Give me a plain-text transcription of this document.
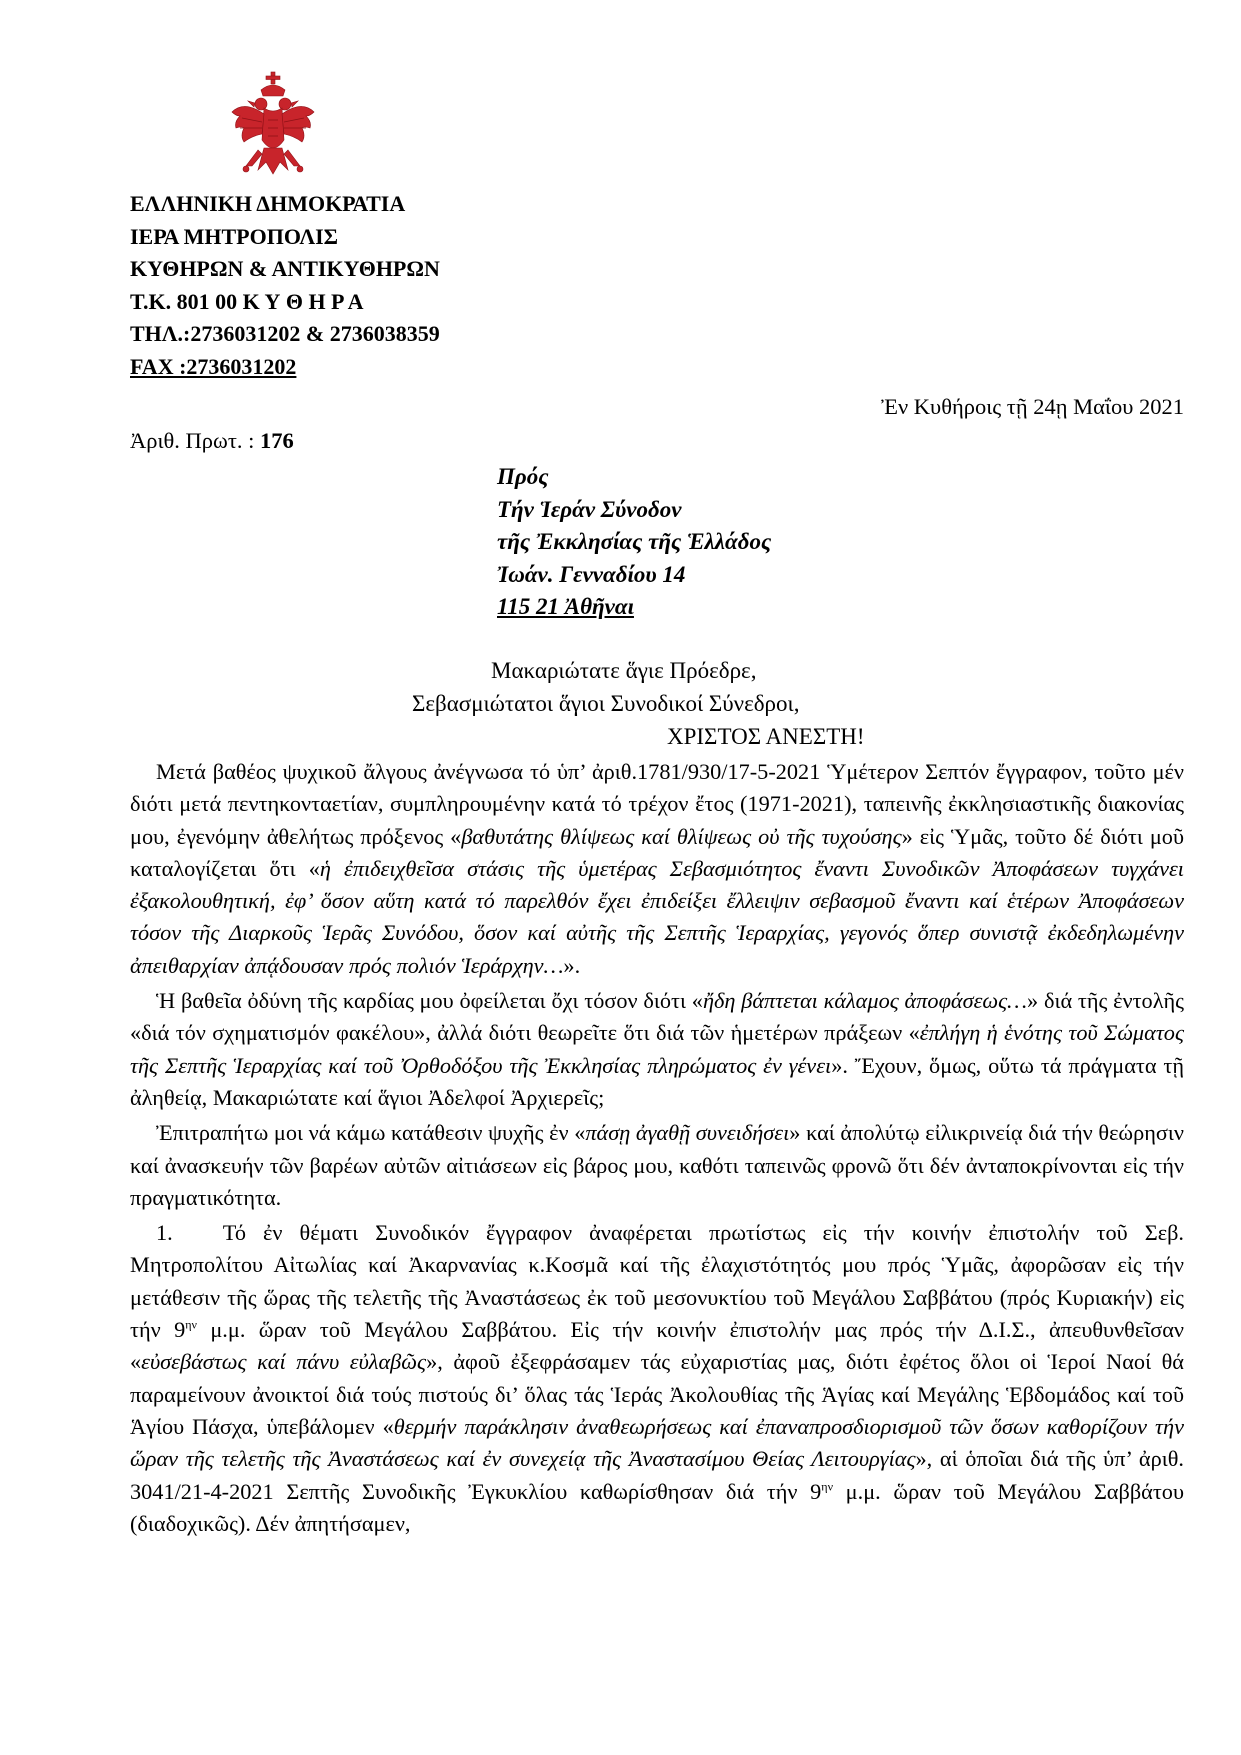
ΕΛΛΗΝΙΚΗ ΔΗΜΟΚΡΑΤΙΑ
ΙΕΡΑ ΜΗΤΡΟΠΟΛΙΣ
ΚΥΘΗΡΩΝ & ΑΝΤΙΚΥΘΗΡΩΝ
Τ.Κ. 801 00 Κ Υ Θ Η Ρ Α
ΤΗΛ.:2736031202 & 2736038359
FAX :2736031202
Ἐν Κυθήροις τῇ 24ῃ Μαΐου 2021
Ἀριθ. Πρωτ. : 176
Πρός
Τήν Ἱεράν Σύνοδον
τῆς Ἐκκλησίας τῆς Ἑλλάδος
Ἰωάν. Γενναδίου 14
115 21 Ἀθῆναι
Μακαριώτατε ἅγιε Πρόεδρε,
Σεβασμιώτατοι ἅγιοι Συνοδικοί Σύνεδροι,
ΧΡΙΣΤΟΣ ΑΝΕΣΤΗ!

Μετά βαθέος ψυχικοῦ ἄλγους ἀνέγνωσα τό ὑπ’ ἀριθ.1781/930/17-5-2021 Ὑμέτερον Σεπτόν ἔγγραφον, τοῦτο μέν διότι μετά πεντηκονταετίαν, συμπληρουμένην κατά τό τρέχον ἔτος (1971-2021), ταπεινῆς ἐκκλησιαστικῆς διακονίας μου, ἐγενόμην ἀθελήτως πρόξενος «βαθυτάτης θλίψεως καί θλίψεως οὐ τῆς τυχούσης» εἰς Ὑμᾶς, τοῦτο δέ διότι μοῦ καταλογίζεται ὅτι «ἡ ἐπιδειχθεῖσα στάσις τῆς ὑμετέρας Σεβασμιότητος ἔναντι Συνοδικῶν Ἀποφάσεων τυγχάνει ἐξακολουθητική, ἐφ’ ὅσον αὕτη κατά τό παρελθόν ἔχει ἐπιδείξει ἔλλειψιν σεβασμοῦ ἔναντι καί ἑτέρων Ἀποφάσεων τόσον τῆς Διαρκοῦς Ἱερᾶς Συνόδου, ὅσον καί αὐτῆς τῆς Σεπτῆς Ἱεραρχίας, γεγονός ὅπερ συνιστᾷ ἐκδεδηλωμένην ἀπειθαρχίαν ἀπᾴδουσαν πρός πολιόν Ἱεράρχην…».

Ἡ βαθεῖα ὀδύνη τῆς καρδίας μου ὀφείλεται ὄχι τόσον διότι «ἤδη βάπτεται κάλαμος ἀποφάσεως…» διά τῆς ἐντολῆς «διά τόν σχηματισμόν φακέλου», ἀλλά διότι θεωρεῖτε ὅτι διά τῶν ἡμετέρων πράξεων «ἐπλήγη ἡ ἑνότης τοῦ Σώματος τῆς Σεπτῆς Ἱεραρχίας καί τοῦ Ὀρθοδόξου τῆς Ἐκκλησίας πληρώματος ἐν γένει». Ἔχουν, ὅμως, οὕτω τά πράγματα τῇ ἀληθείᾳ, Μακαριώτατε καί ἅγιοι Ἀδελφοί Ἀρχιερεῖς;

Ἐπιτραπήτω μοι νά κάμω κατάθεσιν ψυχῆς ἐν «πάσῃ ἀγαθῇ συνειδήσει» καί ἀπολύτῳ εἰλικρινείᾳ διά τήν θεώρησιν καί ἀνασκευήν τῶν βαρέων αὐτῶν αἰτιάσεων εἰς βάρος μου, καθότι ταπεινῶς φρονῶ ὅτι δέν ἀνταποκρίνονται εἰς τήν πραγματικότητα.

1. Τό ἐν θέματι Συνοδικόν ἔγγραφον ἀναφέρεται πρωτίστως εἰς τήν κοινήν ἐπιστολήν τοῦ Σεβ. Μητροπολίτου Αἰτωλίας καί Ἀκαρνανίας κ.Κοσμᾶ καί τῆς ἐλαχιστότητός μου πρός Ὑμᾶς, ἀφορῶσαν εἰς τήν μετάθεσιν τῆς ὥρας τῆς τελετῆς τῆς Ἀναστάσεως ἐκ τοῦ μεσονυκτίου τοῦ Μεγάλου Σαββάτου (πρός Κυριακήν) εἰς τήν $9^{\eta\nu}$ μ.μ. ὥραν τοῦ Μεγάλου Σαββάτου. Εἰς τήν κοινήν ἐπιστολήν μας πρός τήν Δ.Ι.Σ., ἀπευθυνθεῖσαν «εὐσεβάστως καί πάνυ εὐλαβῶς», ἀφοῦ ἐξεφράσαμεν τάς εὐχαριστίας μας, διότι ἐφέτος ὅλοι οἱ Ἱεροί Ναοί θά παραμείνουν ἀνοικτοί διά τούς πιστούς δι’ ὅλας τάς Ἱεράς Ἀκολουθίας τῆς Ἁγίας καί Μεγάλης Ἑβδομάδος καί τοῦ Ἁγίου Πάσχα, ὑπεβάλομεν «θερμήν παράκλησιν ἀναθεωρήσεως καί ἐπαναπροσδιορισμοῦ τῶν ὅσων καθορίζουν τήν ὥραν τῆς τελετῆς τῆς Ἀναστάσεως καί ἐν συνεχείᾳ τῆς Ἀναστασίμου Θείας Λειτουργίας», αἱ ὁποῖαι διά τῆς ὑπ’ ἀριθ. 3041/21-4-2021 Σεπτῆς Συνοδικῆς Ἐγκυκλίου καθωρίσθησαν διά τήν $9^{\eta\nu}$ μ.μ. ὥραν τοῦ Μεγάλου Σαββάτου (διαδοχικῶς). Δέν ἀπητήσαμεν,
